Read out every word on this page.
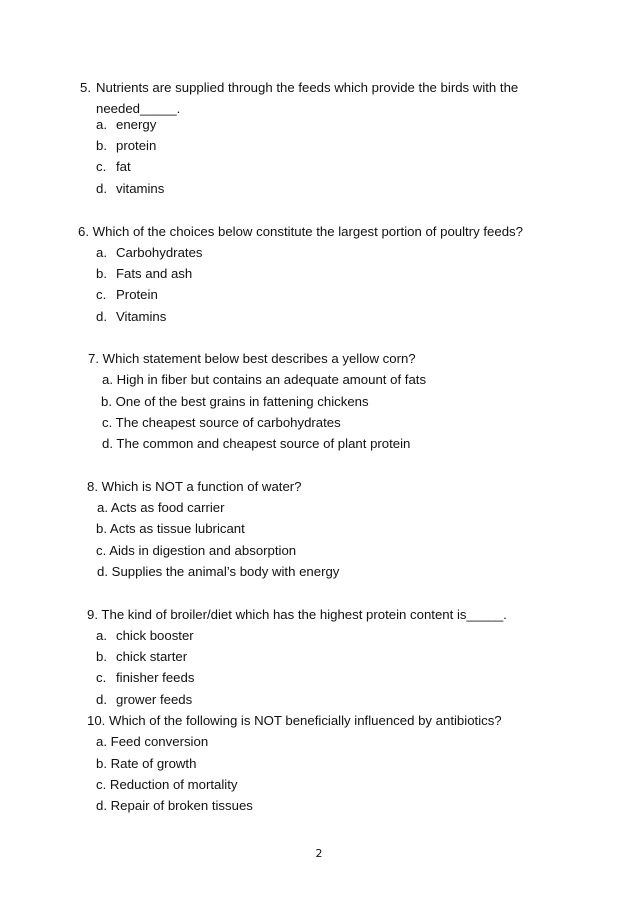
5. Nutrients are supplied through the feeds which provide the birds with the
needed_____.
a. energy
b. protein
c. fat
d. vitamins
6. Which of the choices below constitute the largest portion of poultry feeds?
a. Carbohydrates
b. Fats and ash
c. Protein
d. Vitamins
7. Which statement below best describes a yellow corn?
a. High in fiber but contains an adequate amount of fats
b. One of the best grains in fattening chickens
c. The cheapest source of carbohydrates
d. The common and cheapest source of plant protein
8. Which is NOT a function of water?
a. Acts as food carrier
b. Acts as tissue lubricant
c. Aids in digestion and absorption
d. Supplies the animal’s body with energy
9. The kind of broiler/diet which has the highest protein content is_____.
a. chick booster
b. chick starter
c. finisher feeds
d. grower feeds
10. Which of the following is NOT beneficially influenced by antibiotics?
a. Feed conversion
b. Rate of growth
c. Reduction of mortality
d. Repair of broken tissues
2
